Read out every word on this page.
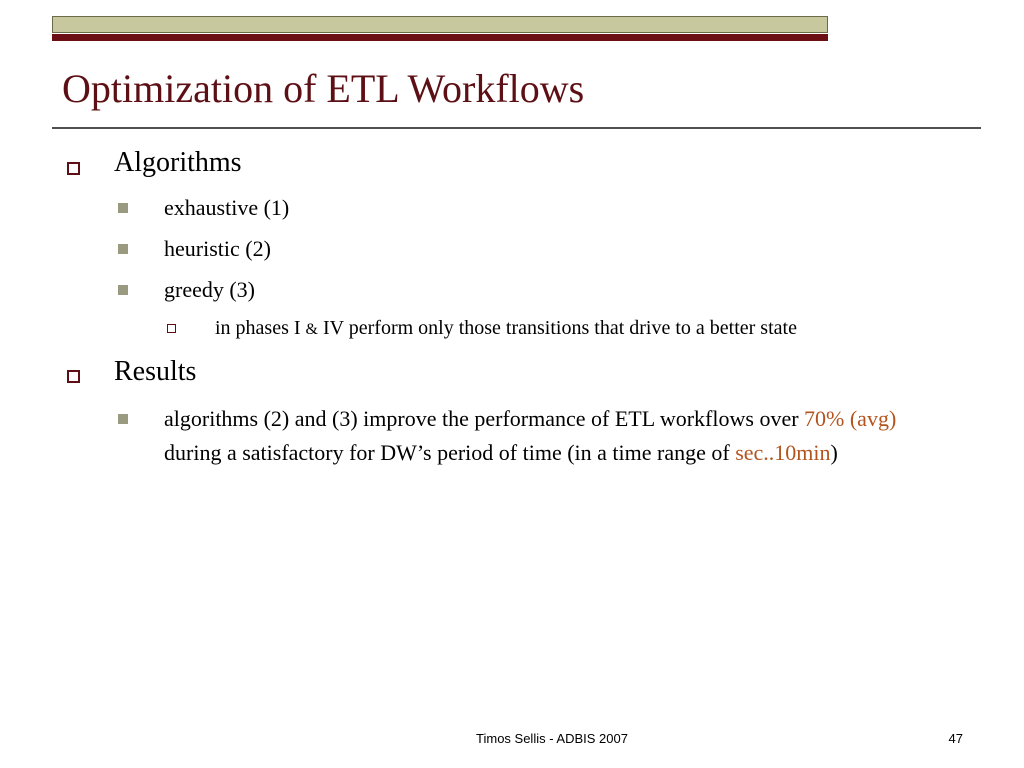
Optimization of ETL Workflows
Algorithms
exhaustive (1)
heuristic (2)
greedy (3)
in phases I & IV perform only those transitions that drive to a better state
Results
algorithms (2) and (3) improve the performance of ETL workflows over 70% (avg) during a satisfactory for DW’s period of time (in a time range of sec..10min)
Timos Sellis - ADBIS 2007	47
